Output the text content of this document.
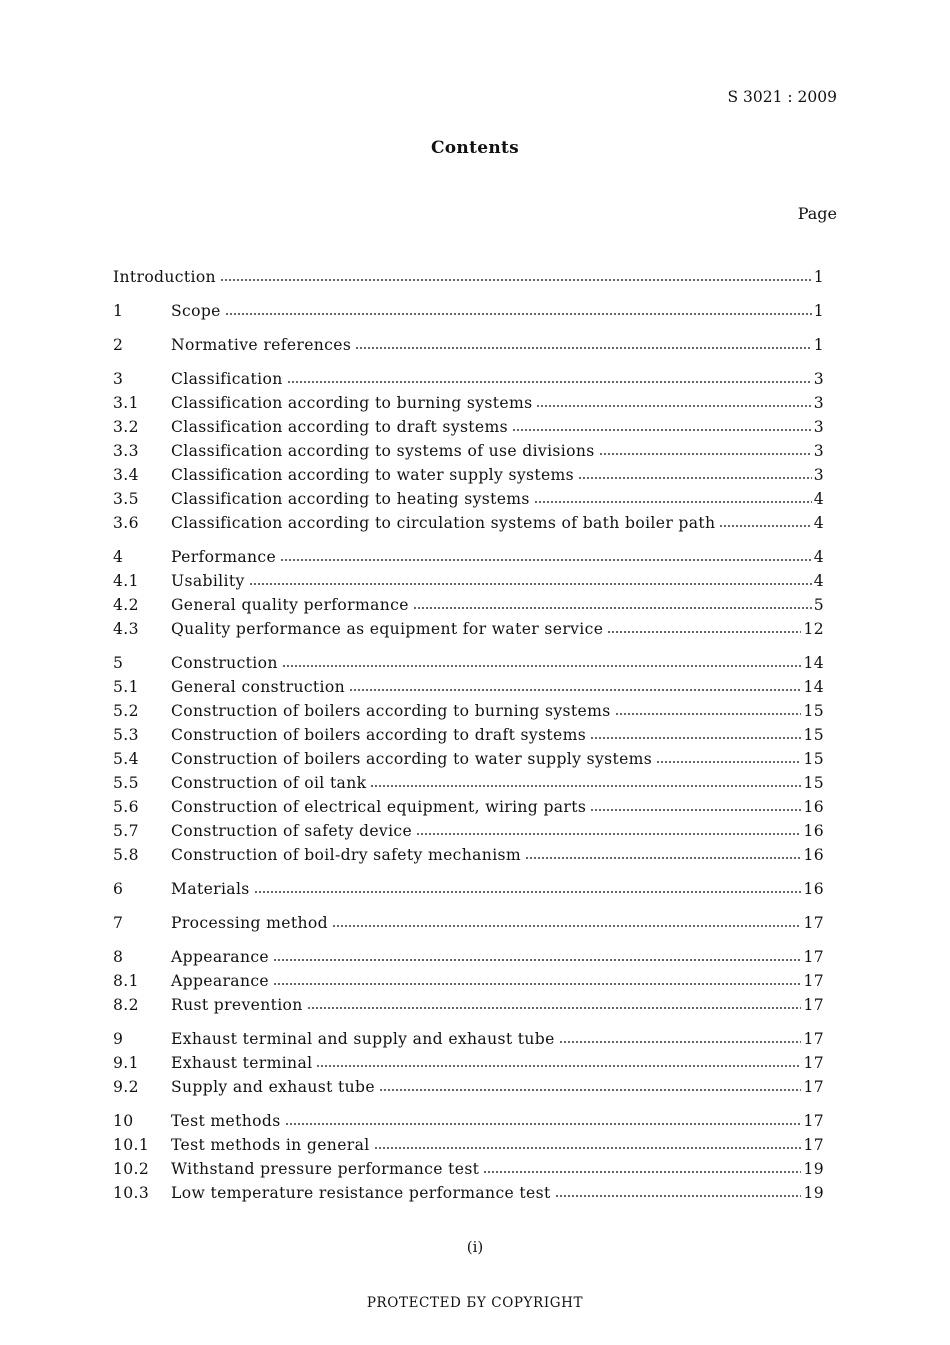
S 3021 : 2009
Contents
Page
Introduction	1
1	Scope	1
2	Normative references	1
3	Classification	3
3.1	Classification according to burning systems	3
3.2	Classification according to draft systems	3
3.3	Classification according to systems of use divisions	3
3.4	Classification according to water supply systems	3
3.5	Classification according to heating systems	4
3.6	Classification according to circulation systems of bath boiler path	4
4	Performance	4
4.1	Usability	4
4.2	General quality performance	5
4.3	Quality performance as equipment for water service	12
5	Construction	14
5.1	General construction	14
5.2	Construction of boilers according to burning systems	15
5.3	Construction of boilers according to draft systems	15
5.4	Construction of boilers according to water supply systems	15
5.5	Construction of oil tank	15
5.6	Construction of electrical equipment, wiring parts	16
5.7	Construction of safety device	16
5.8	Construction of boil-dry safety mechanism	16
6	Materials	16
7	Processing method	17
8	Appearance	17
8.1	Appearance	17
8.2	Rust prevention	17
9	Exhaust terminal and supply and exhaust tube	17
9.1	Exhaust terminal	17
9.2	Supply and exhaust tube	17
10	Test methods	17
10.1	Test methods in general	17
10.2	Withstand pressure performance test	19
10.3	Low temperature resistance performance test	19
(i)
PROTECTED БY COPYRIGHT
